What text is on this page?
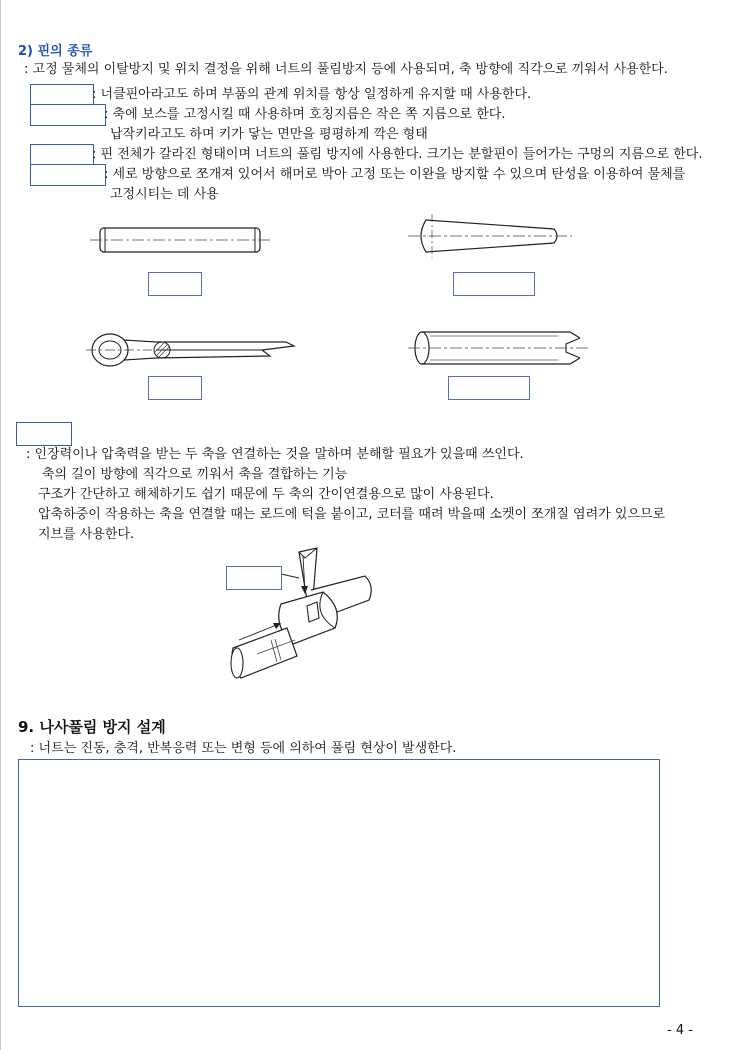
2) 핀의 종류
: 고정 물체의 이탈방지 및 위치 결정을 위해 너트의 풀림방지 등에 사용되며, 축 방향에 직각으로 끼워서 사용한다.
: 너클핀아라고도 하며 부품의 관계 위치를 항상 일정하게 유지할 때 사용한다.
: 축에 보스를 고정시킬 때 사용하며 호칭지름은 작은 쪽 지름으로 한다.
납작키라고도 하며 키가 닿는 면만을 평평하게 깍은 형태
: 핀 전체가 갈라진 형태이며 너트의 풀림 방지에 사용한다. 크기는 분할핀이 들어가는 구멍의 지름으로 한다.
: 세로 방향으로 쪼개져 있어서 해머로 박아 고정 또는 이완을 방지할 수 있으며 탄성을 이용하여 물체를
고정시티는 데 사용
: 인장력이나 압축력을 받는 두 축을 연결하는 것을 말하며 분해할 필요가 있을때 쓰인다.
축의 길이 방향에 직각으로 끼워서 축을 결합하는 기능
구조가 간단하고 해체하기도 쉽기 때문에 두 축의 간이연결용으로 많이 사용된다.
압축하중이 작용하는 축을 연결할 때는 로드에 턱을 붙이고, 코터를 때려 박을때 소켓이 쪼개질 염려가 있으므로
지브를 사용한다.
9. 나사풀림 방지 설계
: 너트는 진동, 충격, 반복응력 또는 변형 등에 의하여 풀림 현상이 발생한다.
- 4 -
